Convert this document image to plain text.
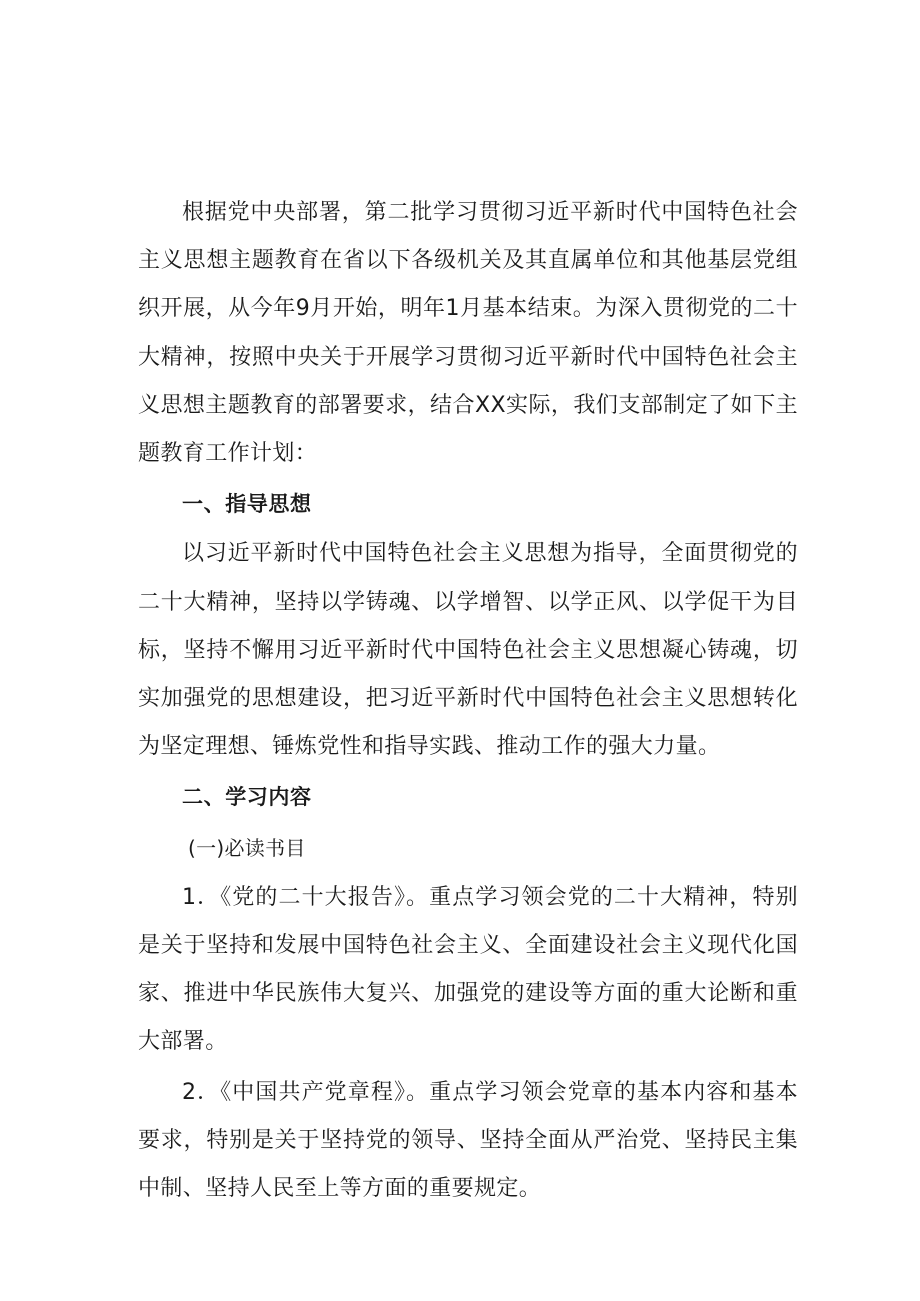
根据党中央部署，第二批学习贯彻习近平新时代中国特色社会主义思想主题教育在省以下各级机关及其直属单位和其他基层党组织开展，从今年9月开始，明年1月基本结束。为深入贯彻党的二十大精神，按照中央关于开展学习贯彻习近平新时代中国特色社会主义思想主题教育的部署要求，结合XX实际，我们支部制定了如下主题教育工作计划：

一、指导思想

以习近平新时代中国特色社会主义思想为指导，全面贯彻党的二十大精神，坚持以学铸魂、以学增智、以学正风、以学促干为目标，坚持不懈用习近平新时代中国特色社会主义思想凝心铸魂，切实加强党的思想建设，把习近平新时代中国特色社会主义思想转化为坚定理想、锤炼党性和指导实践、推动工作的强大力量。

二、学习内容

(一)必读书目

1．《党的二十大报告》。重点学习领会党的二十大精神，特别是关于坚持和发展中国特色社会主义、全面建设社会主义现代化国家、推进中华民族伟大复兴、加强党的建设等方面的重大论断和重大部署。

2．《中国共产党章程》。重点学习领会党章的基本内容和基本要求，特别是关于坚持党的领导、坚持全面从严治党、坚持民主集中制、坚持人民至上等方面的重要规定。
